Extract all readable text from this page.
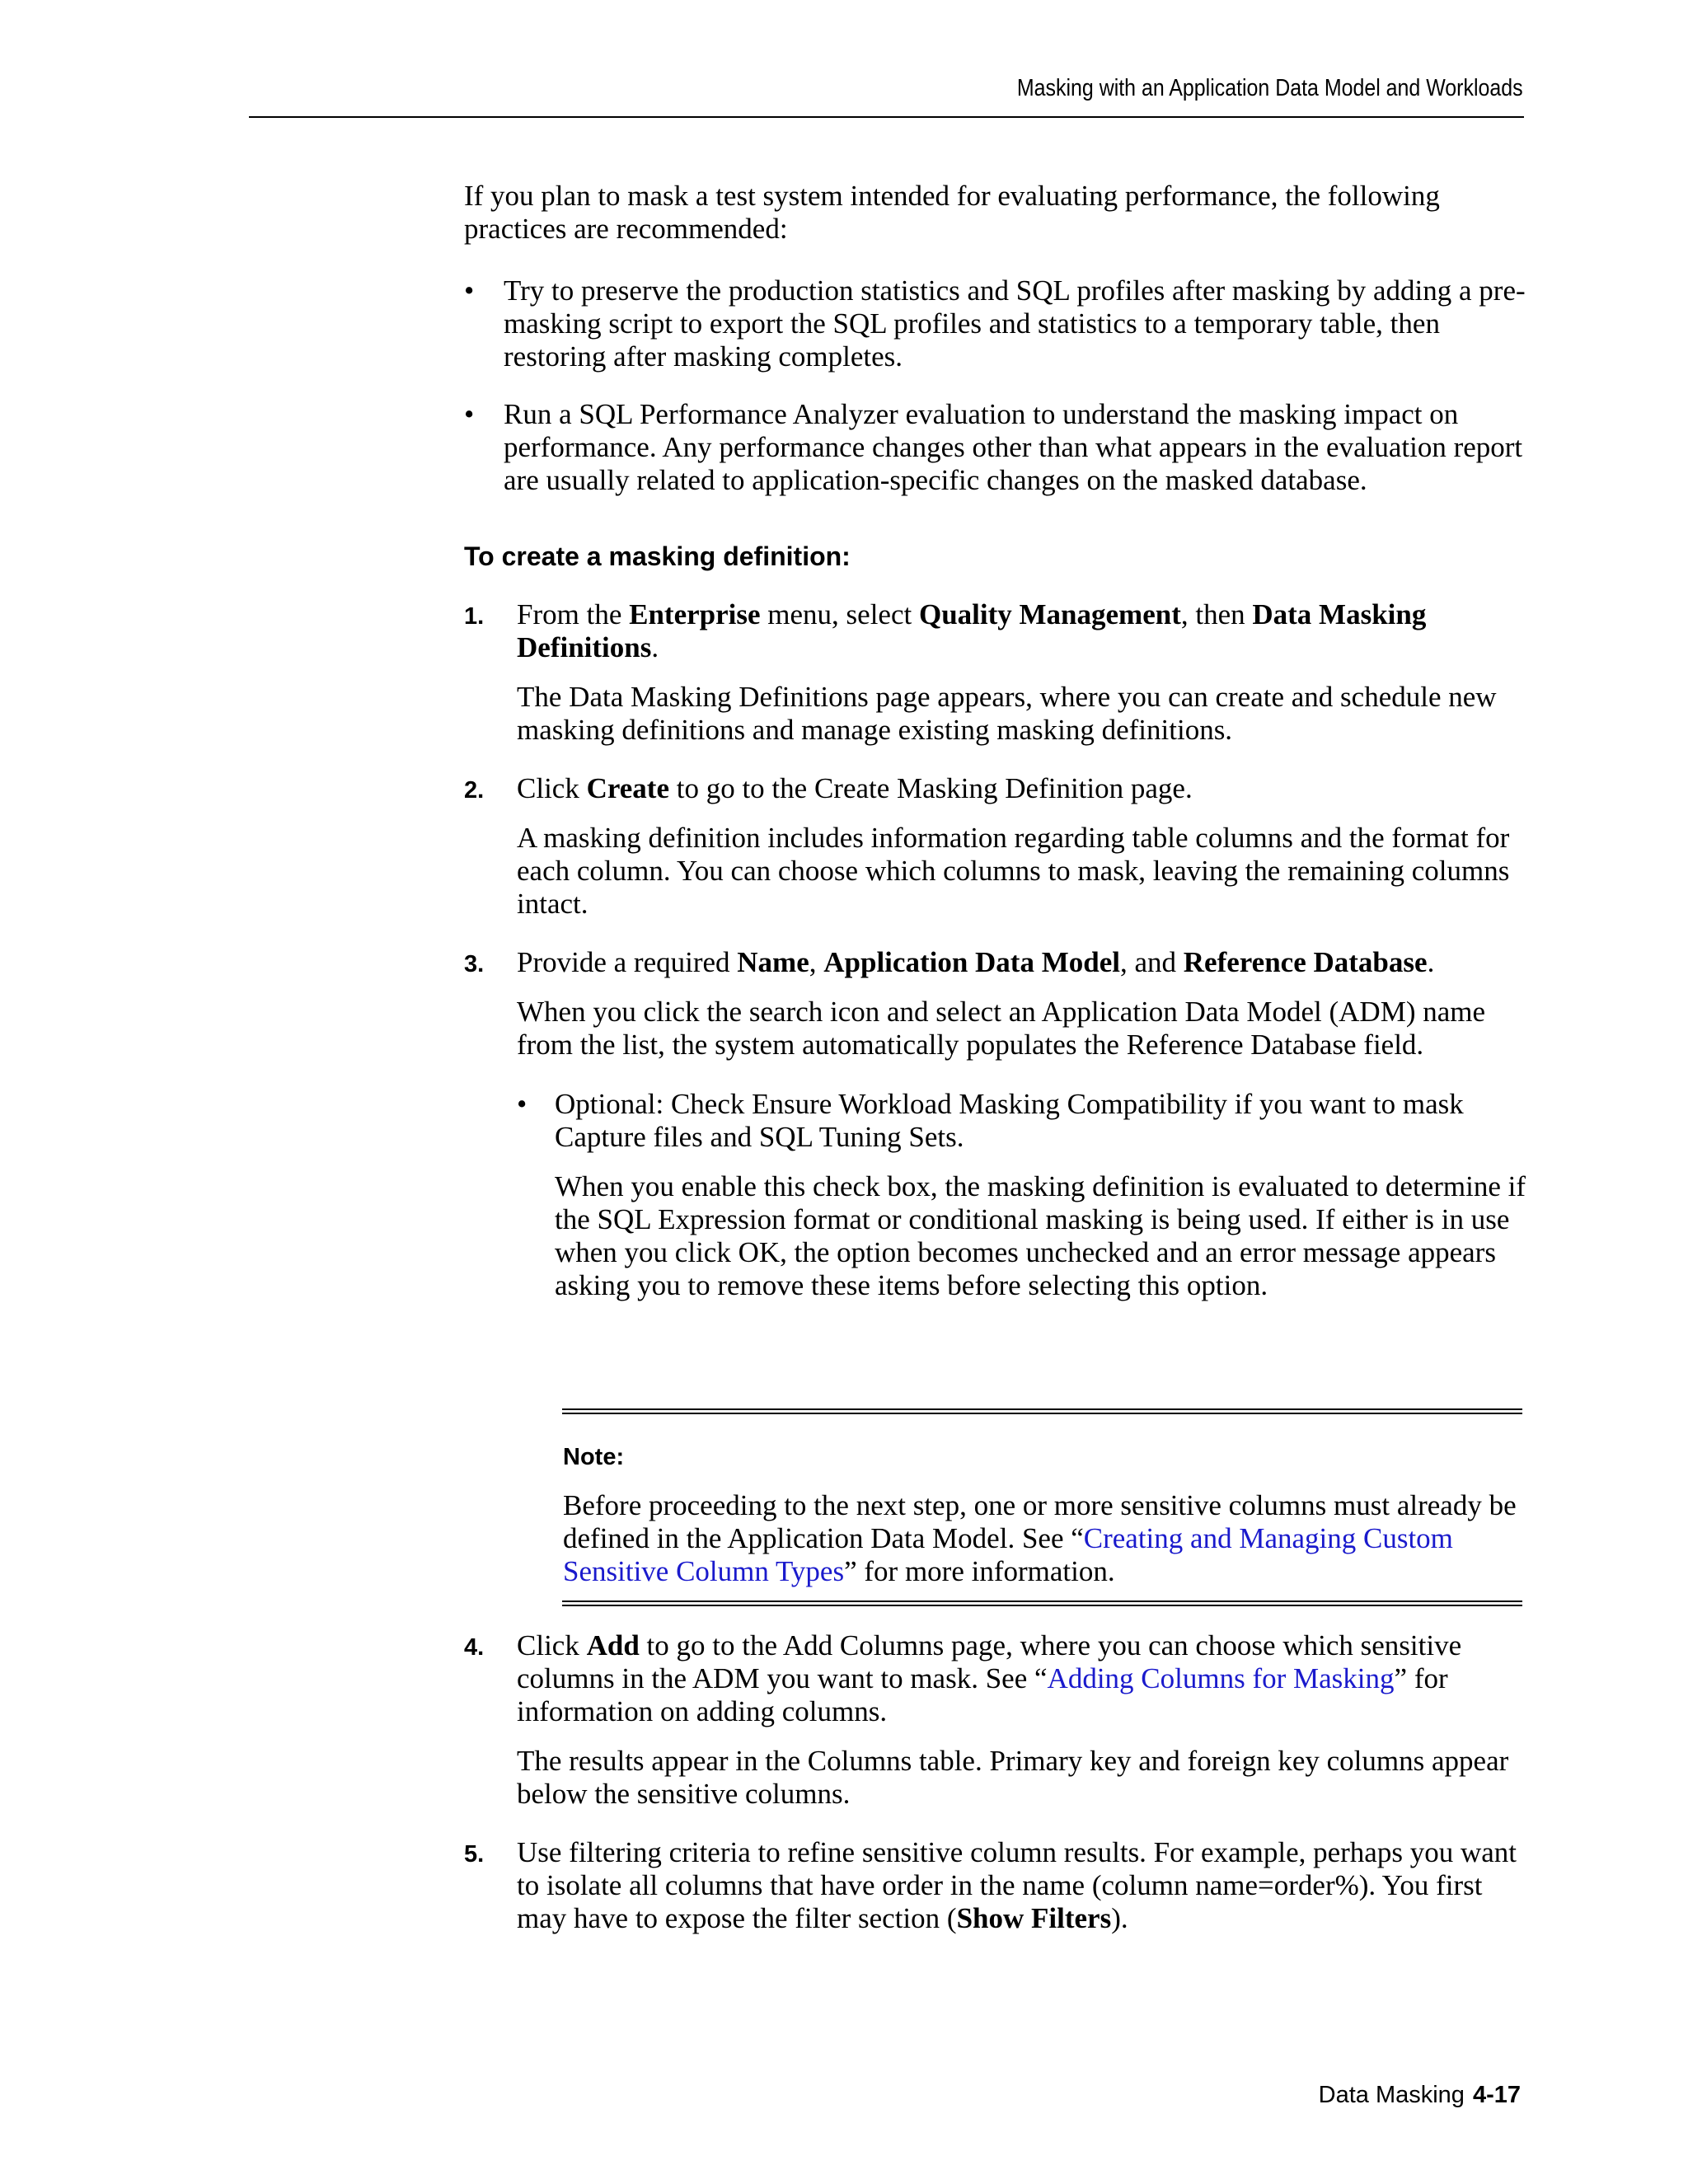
Masking with an Application Data Model and Workloads
If you plan to mask a test system intended for evaluating performance, the following practices are recommended:
• Try to preserve the production statistics and SQL profiles after masking by adding a pre-masking script to export the SQL profiles and statistics to a temporary table, then restoring after masking completes.
• Run a SQL Performance Analyzer evaluation to understand the masking impact on performance. Any performance changes other than what appears in the evaluation report are usually related to application-specific changes on the masked database.
To create a masking definition:
1. From the Enterprise menu, select Quality Management, then Data Masking Definitions.

The Data Masking Definitions page appears, where you can create and schedule new masking definitions and manage existing masking definitions.

2. Click Create to go to the Create Masking Definition page.

A masking definition includes information regarding table columns and the format for each column. You can choose which columns to mask, leaving the remaining columns intact.

3. Provide a required Name, Application Data Model, and Reference Database.

When you click the search icon and select an Application Data Model (ADM) name from the list, the system automatically populates the Reference Database field.

• Optional: Check Ensure Workload Masking Compatibility if you want to mask Capture files and SQL Tuning Sets.

When you enable this check box, the masking definition is evaluated to determine if the SQL Expression format or conditional masking is being used. If either is in use when you click OK, the option becomes unchecked and an error message appears asking you to remove these items before selecting this option.

Note:
Before proceeding to the next step, one or more sensitive columns must already be defined in the Application Data Model. See “Creating and Managing Custom Sensitive Column Types” for more information.
4. Click Add to go to the Add Columns page, where you can choose which sensitive columns in the ADM you want to mask. See “Adding Columns for Masking” for information on adding columns.

The results appear in the Columns table. Primary key and foreign key columns appear below the sensitive columns.

5. Use filtering criteria to refine sensitive column results. For example, perhaps you want to isolate all columns that have order in the name (column name=order%). You first may have to expose the filter section (Show Filters).

Data Masking 4-17
